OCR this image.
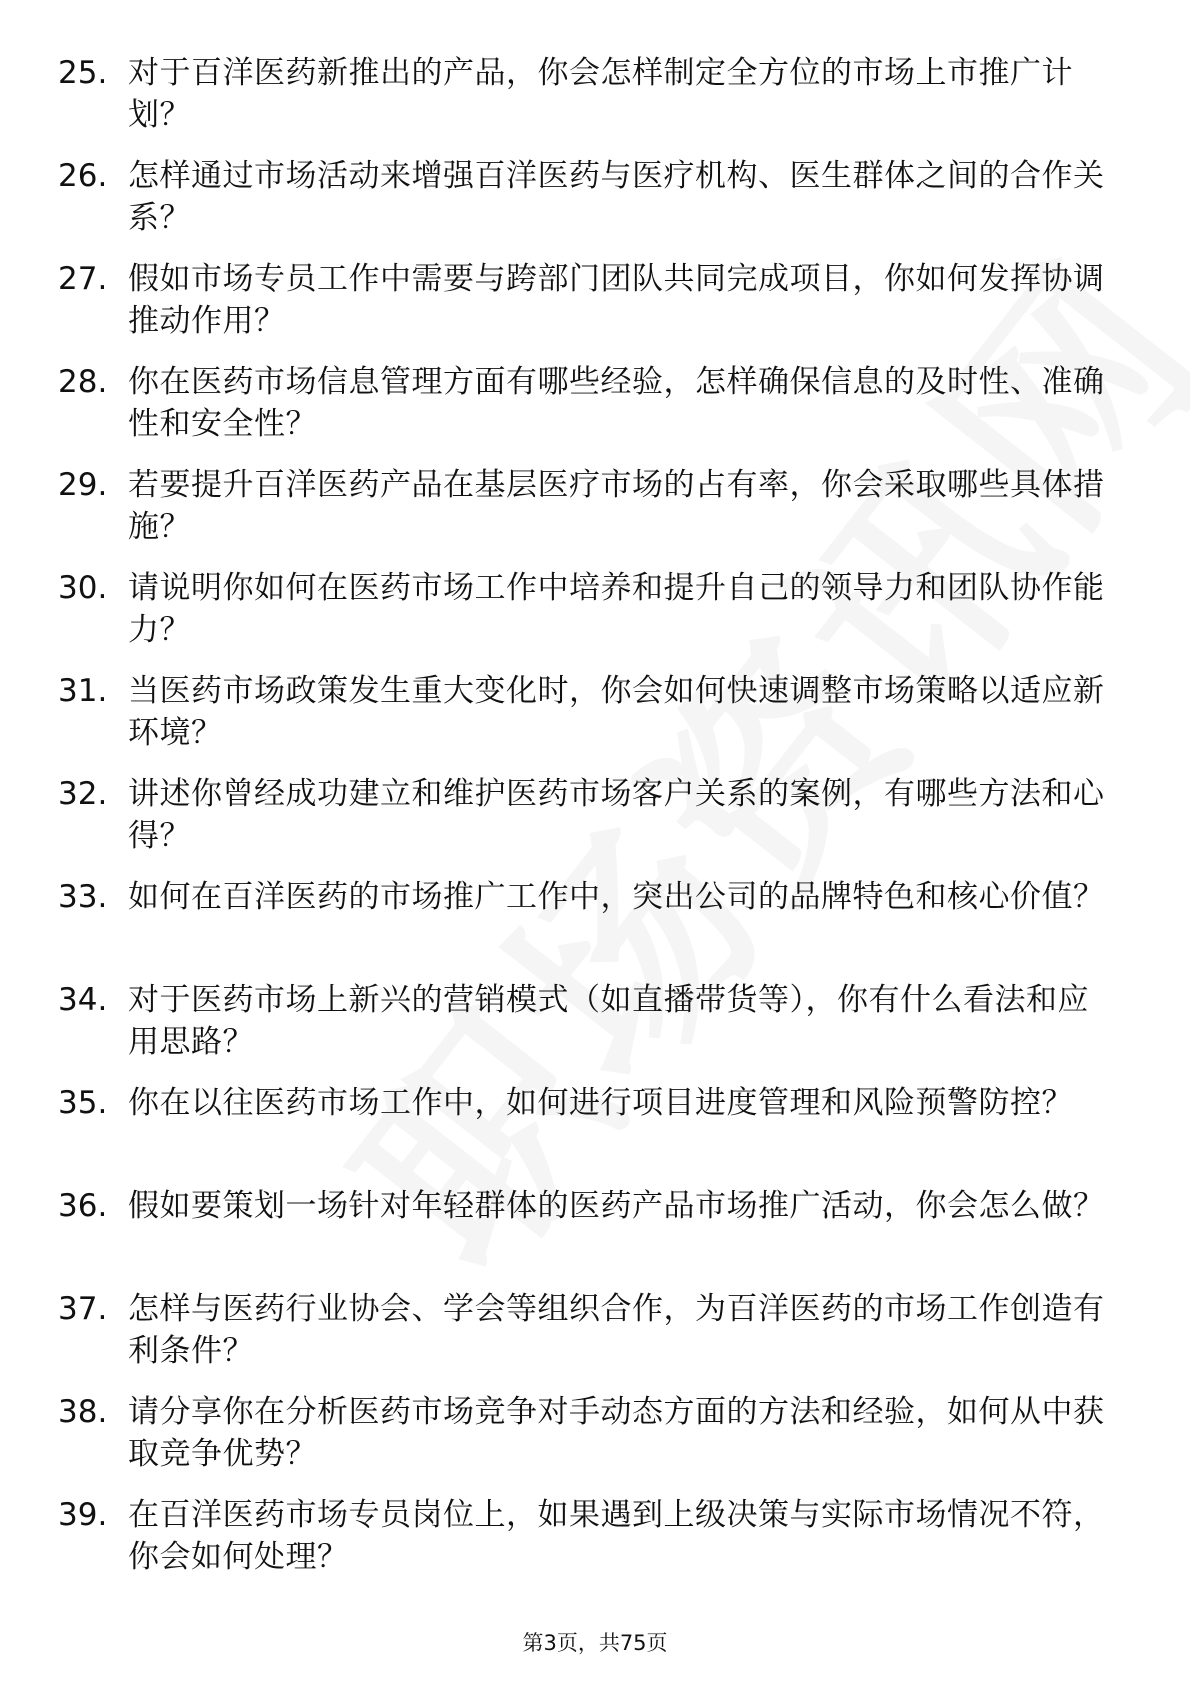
25. 对于百洋医药新推出的产品，你会怎样制定全方位的市场上市推广计划？
26. 怎样通过市场活动来增强百洋医药与医疗机构、医生群体之间的合作关系？
27. 假如市场专员工作中需要与跨部门团队共同完成项目，你如何发挥协调推动作用？
28. 你在医药市场信息管理方面有哪些经验，怎样确保信息的及时性、准确性和安全性？
29. 若要提升百洋医药产品在基层医疗市场的占有率，你会采取哪些具体措施？
30. 请说明你如何在医药市场工作中培养和提升自己的领导力和团队协作能力？
31. 当医药市场政策发生重大变化时，你会如何快速调整市场策略以适应新环境？
32. 讲述你曾经成功建立和维护医药市场客户关系的案例，有哪些方法和心得？
33. 如何在百洋医药的市场推广工作中，突出公司的品牌特色和核心价值？
34. 对于医药市场上新兴的营销模式（如直播带货等），你有什么看法和应用思路？
35. 你在以往医药市场工作中，如何进行项目进度管理和风险预警防控？
36. 假如要策划一场针对年轻群体的医药产品市场推广活动，你会怎么做？
37. 怎样与医药行业协会、学会等组织合作，为百洋医药的市场工作创造有利条件？
38. 请分享你在分析医药市场竞争对手动态方面的方法和经验，如何从中获取竞争优势？
39. 在百洋医药市场专员岗位上，如果遇到上级决策与实际市场情况不符，你会如何处理？
第3页，共75页
